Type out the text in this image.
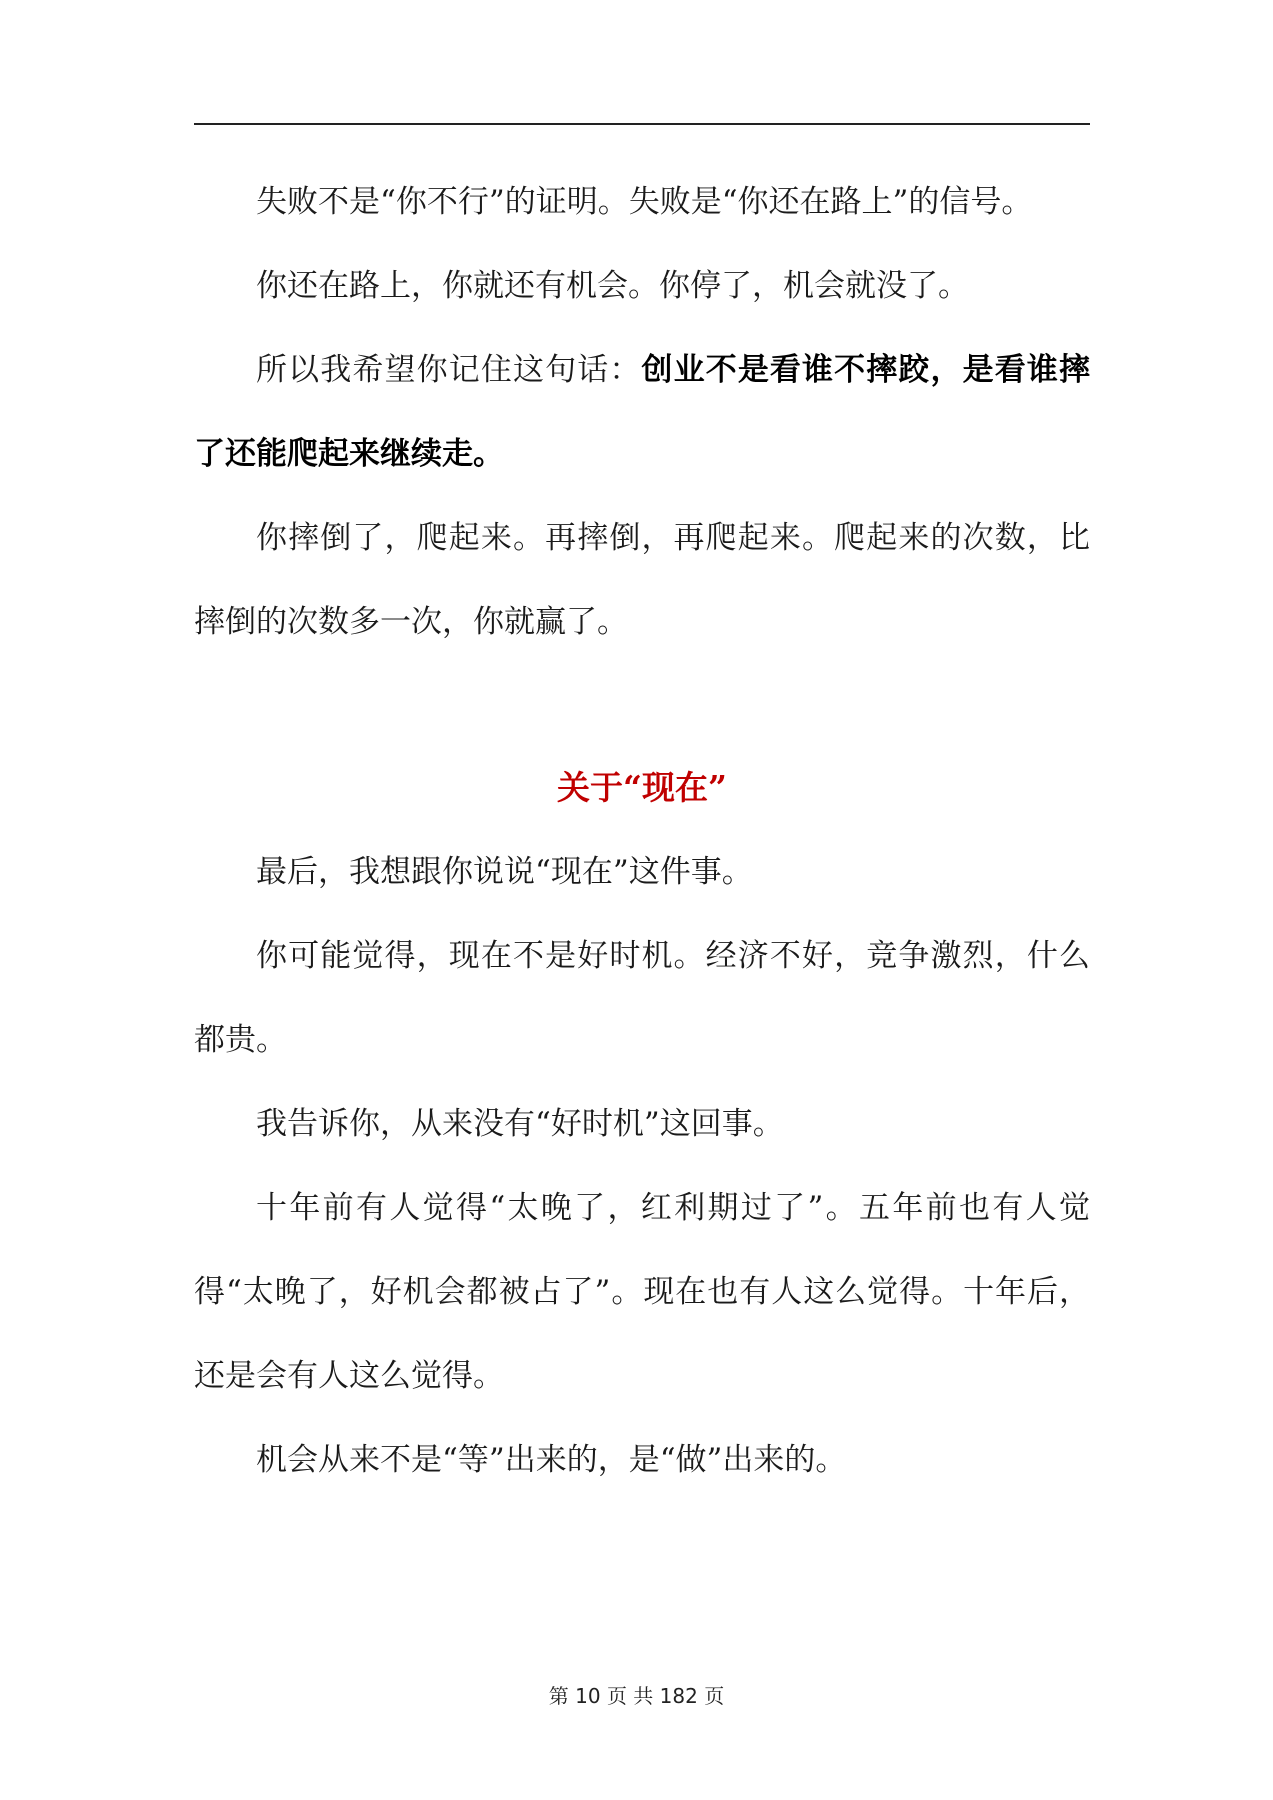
失败不是“你不行”的证明。失败是“你还在路上”的信号。

你还在路上，你就还有机会。你停了，机会就没了。

所以我希望你记住这句话：创业不是看谁不摔跤，是看谁摔了还能爬起来继续走。

你摔倒了，爬起来。再摔倒，再爬起来。爬起来的次数，比摔倒的次数多一次，你就赢了。

关于“现在”

最后，我想跟你说说“现在”这件事。

你可能觉得，现在不是好时机。经济不好，竞争激烈，什么都贵。

我告诉你，从来没有“好时机”这回事。

十年前有人觉得“太晚了，红利期过了”。五年前也有人觉得“太晚了，好机会都被占了”。现在也有人这么觉得。十年后，还是会有人这么觉得。

机会从来不是“等”出来的，是“做”出来的。

第 10 页 共 182 页
